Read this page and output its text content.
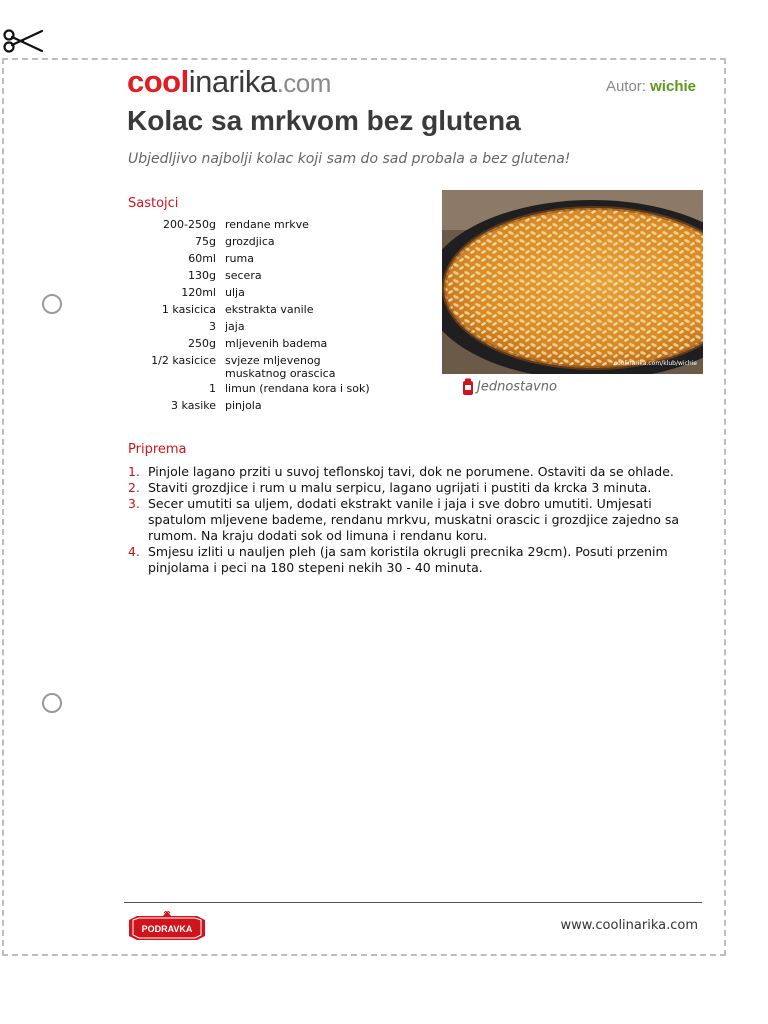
coolinarika.com	Autor: wichie
Kolac sa mrkvom bez glutena
Ubjedljivo najbolji kolac koji sam do sad probala a bez glutena!
Sastojci
200-250g	rendane mrkve
75g	grozdjica
60ml	ruma
130g	secera
120ml	ulja
1 kasicica	ekstrakta vanile
3	jaja
250g	mljevenih badema
1/2 kasicice	svjeze mljevenog muskatnog orascica
1	limun (rendana kora i sok)
3 kasike	pinjola
coolinarika.com/klub/wichie
Jednostavno
Priprema
1. Pinjole lagano prziti u suvoj teflonskoj tavi, dok ne porumene. Ostaviti da se ohlade.
2. Staviti grozdjice i rum u malu serpicu, lagano ugrijati i pustiti da krcka 3 minuta.
3. Secer umutiti sa uljem, dodati ekstrakt vanile i jaja i sve dobro umutiti. Umjesati spatulom mljevene bademe, rendanu mrkvu, muskatni orascic i grozdjice zajedno sa rumom. Na kraju dodati sok od limuna i rendanu koru.
4. Smjesu izliti u nauljen pleh (ja sam koristila okrugli precnika 29cm). Posuti przenim pinjolama i peci na 180 stepeni nekih 30 - 40 minuta.
PODRAVKA	www.coolinarika.com
